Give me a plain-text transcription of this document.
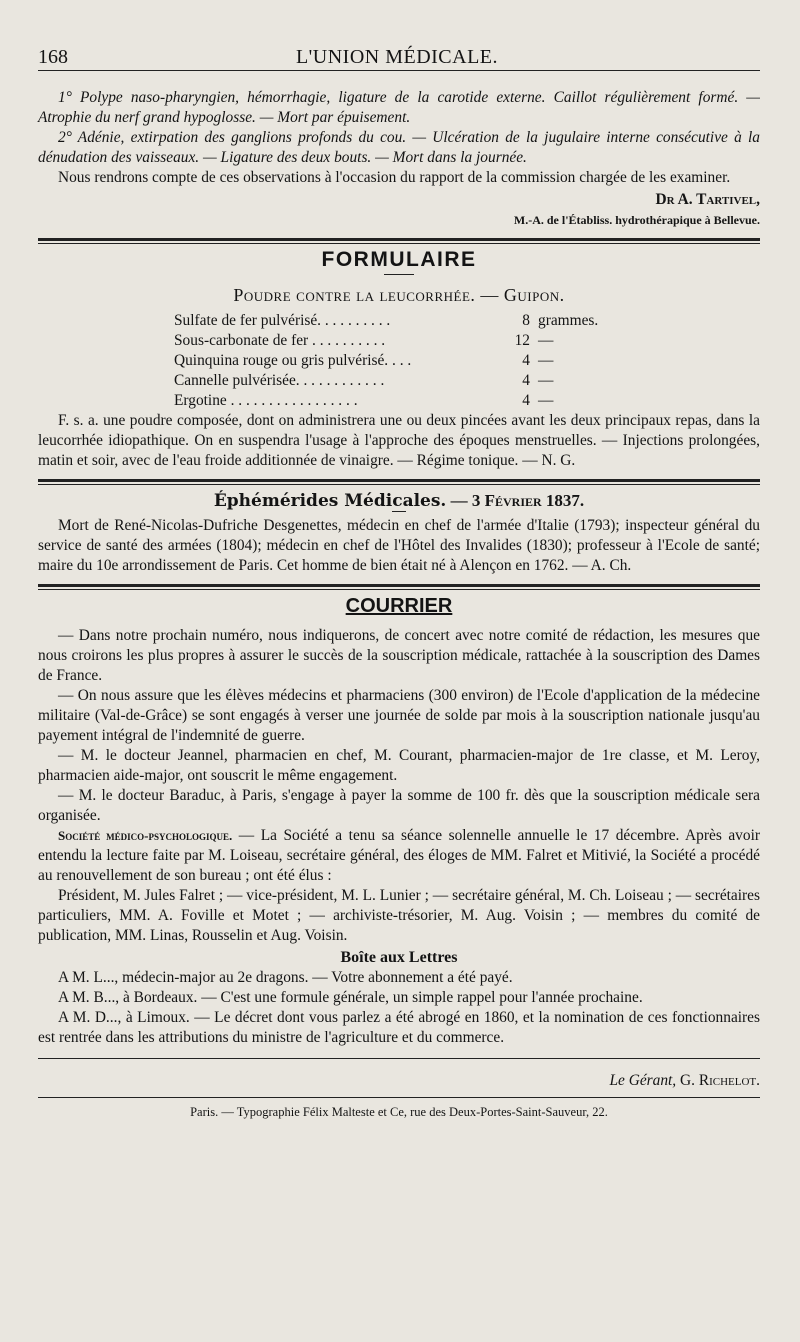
168	L'UNION MÉDICALE.

1° Polype naso-pharyngien, hémorrhagie, ligature de la carotide externe. Caillot régulièrement formé. — Atrophie du nerf grand hypoglosse. — Mort par épuisement.

2° Adénie, extirpation des ganglions profonds du cou. — Ulcération de la jugulaire interne consécutive à la dénudation des vaisseaux. — Ligature des deux bouts. — Mort dans la journée.

Nous rendrons compte de ces observations à l'occasion du rapport de la commission chargée de les examiner.

Dr A. Tartivel,
M.-A. de l'Établiss. hydrothérapique à Bellevue.
FORMULAIRE
Poudre contre la leucorrhée. — Guipon.
Sulfate de fer pulvérisé. . . . . . . . . .	8	grammes.
Sous-carbonate de fer . . . . . . . . . .	12	—
Quinquina rouge ou gris pulvérisé. . . .	4	—
Cannelle pulvérisée. . . . . . . . . . . .	4	—
Ergotine . . . . . . . . . . . . . . . . .	4	—

F. s. a. une poudre composée, dont on administrera une ou deux pincées avant les deux principaux repas, dans la leucorrhée idiopathique. On en suspendra l'usage à l'approche des époques menstruelles. — Injections prolongées, matin et soir, avec de l'eau froide additionnée de vinaigre. — Régime tonique. — N. G.

Éphémérides Médicales. — 3 Février 1837.

Mort de René-Nicolas-Dufriche Desgenettes, médecin en chef de l'armée d'Italie (1793); inspecteur général du service de santé des armées (1804); médecin en chef de l'Hôtel des Invalides (1830); professeur à l'Ecole de santé; maire du 10e arrondissement de Paris. Cet homme de bien était né à Alençon en 1762. — A. Ch.

COURRIER

— Dans notre prochain numéro, nous indiquerons, de concert avec notre comité de rédaction, les mesures que nous croirons les plus propres à assurer le succès de la souscription médicale, rattachée à la souscription des Dames de France.

— On nous assure que les élèves médecins et pharmaciens (300 environ) de l'Ecole d'application de la médecine militaire (Val-de-Grâce) se sont engagés à verser une journée de solde par mois à la souscription nationale jusqu'au payement intégral de l'indemnité de guerre.

— M. le docteur Jeannel, pharmacien en chef, M. Courant, pharmacien-major de 1re classe, et M. Leroy, pharmacien aide-major, ont souscrit le même engagement.

— M. le docteur Baraduc, à Paris, s'engage à payer la somme de 100 fr. dès que la souscription médicale sera organisée.

Société médico-psychologique. — La Société a tenu sa séance solennelle annuelle le 17 décembre. Après avoir entendu la lecture faite par M. Loiseau, secrétaire général, des éloges de MM. Falret et Mitivié, la Société a procédé au renouvellement de son bureau ; ont été élus :

Président, M. Jules Falret ; — vice-président, M. L. Lunier ; — secrétaire général, M. Ch. Loiseau ; — secrétaires particuliers, MM. A. Foville et Motet ; — archiviste-trésorier, M. Aug. Voisin ; — membres du comité de publication, MM. Linas, Rousselin et Aug. Voisin.

Boîte aux Lettres

A M. L..., médecin-major au 2e dragons. — Votre abonnement a été payé.

A M. B..., à Bordeaux. — C'est une formule générale, un simple rappel pour l'année prochaine.

A M. D..., à Limoux. — Le décret dont vous parlez a été abrogé en 1860, et la nomination de ces fonctionnaires est rentrée dans les attributions du ministre de l'agriculture et du commerce.

Le Gérant, G. Richelot.
Paris. — Typographie Félix Malteste et Ce, rue des Deux-Portes-Saint-Sauveur, 22.
